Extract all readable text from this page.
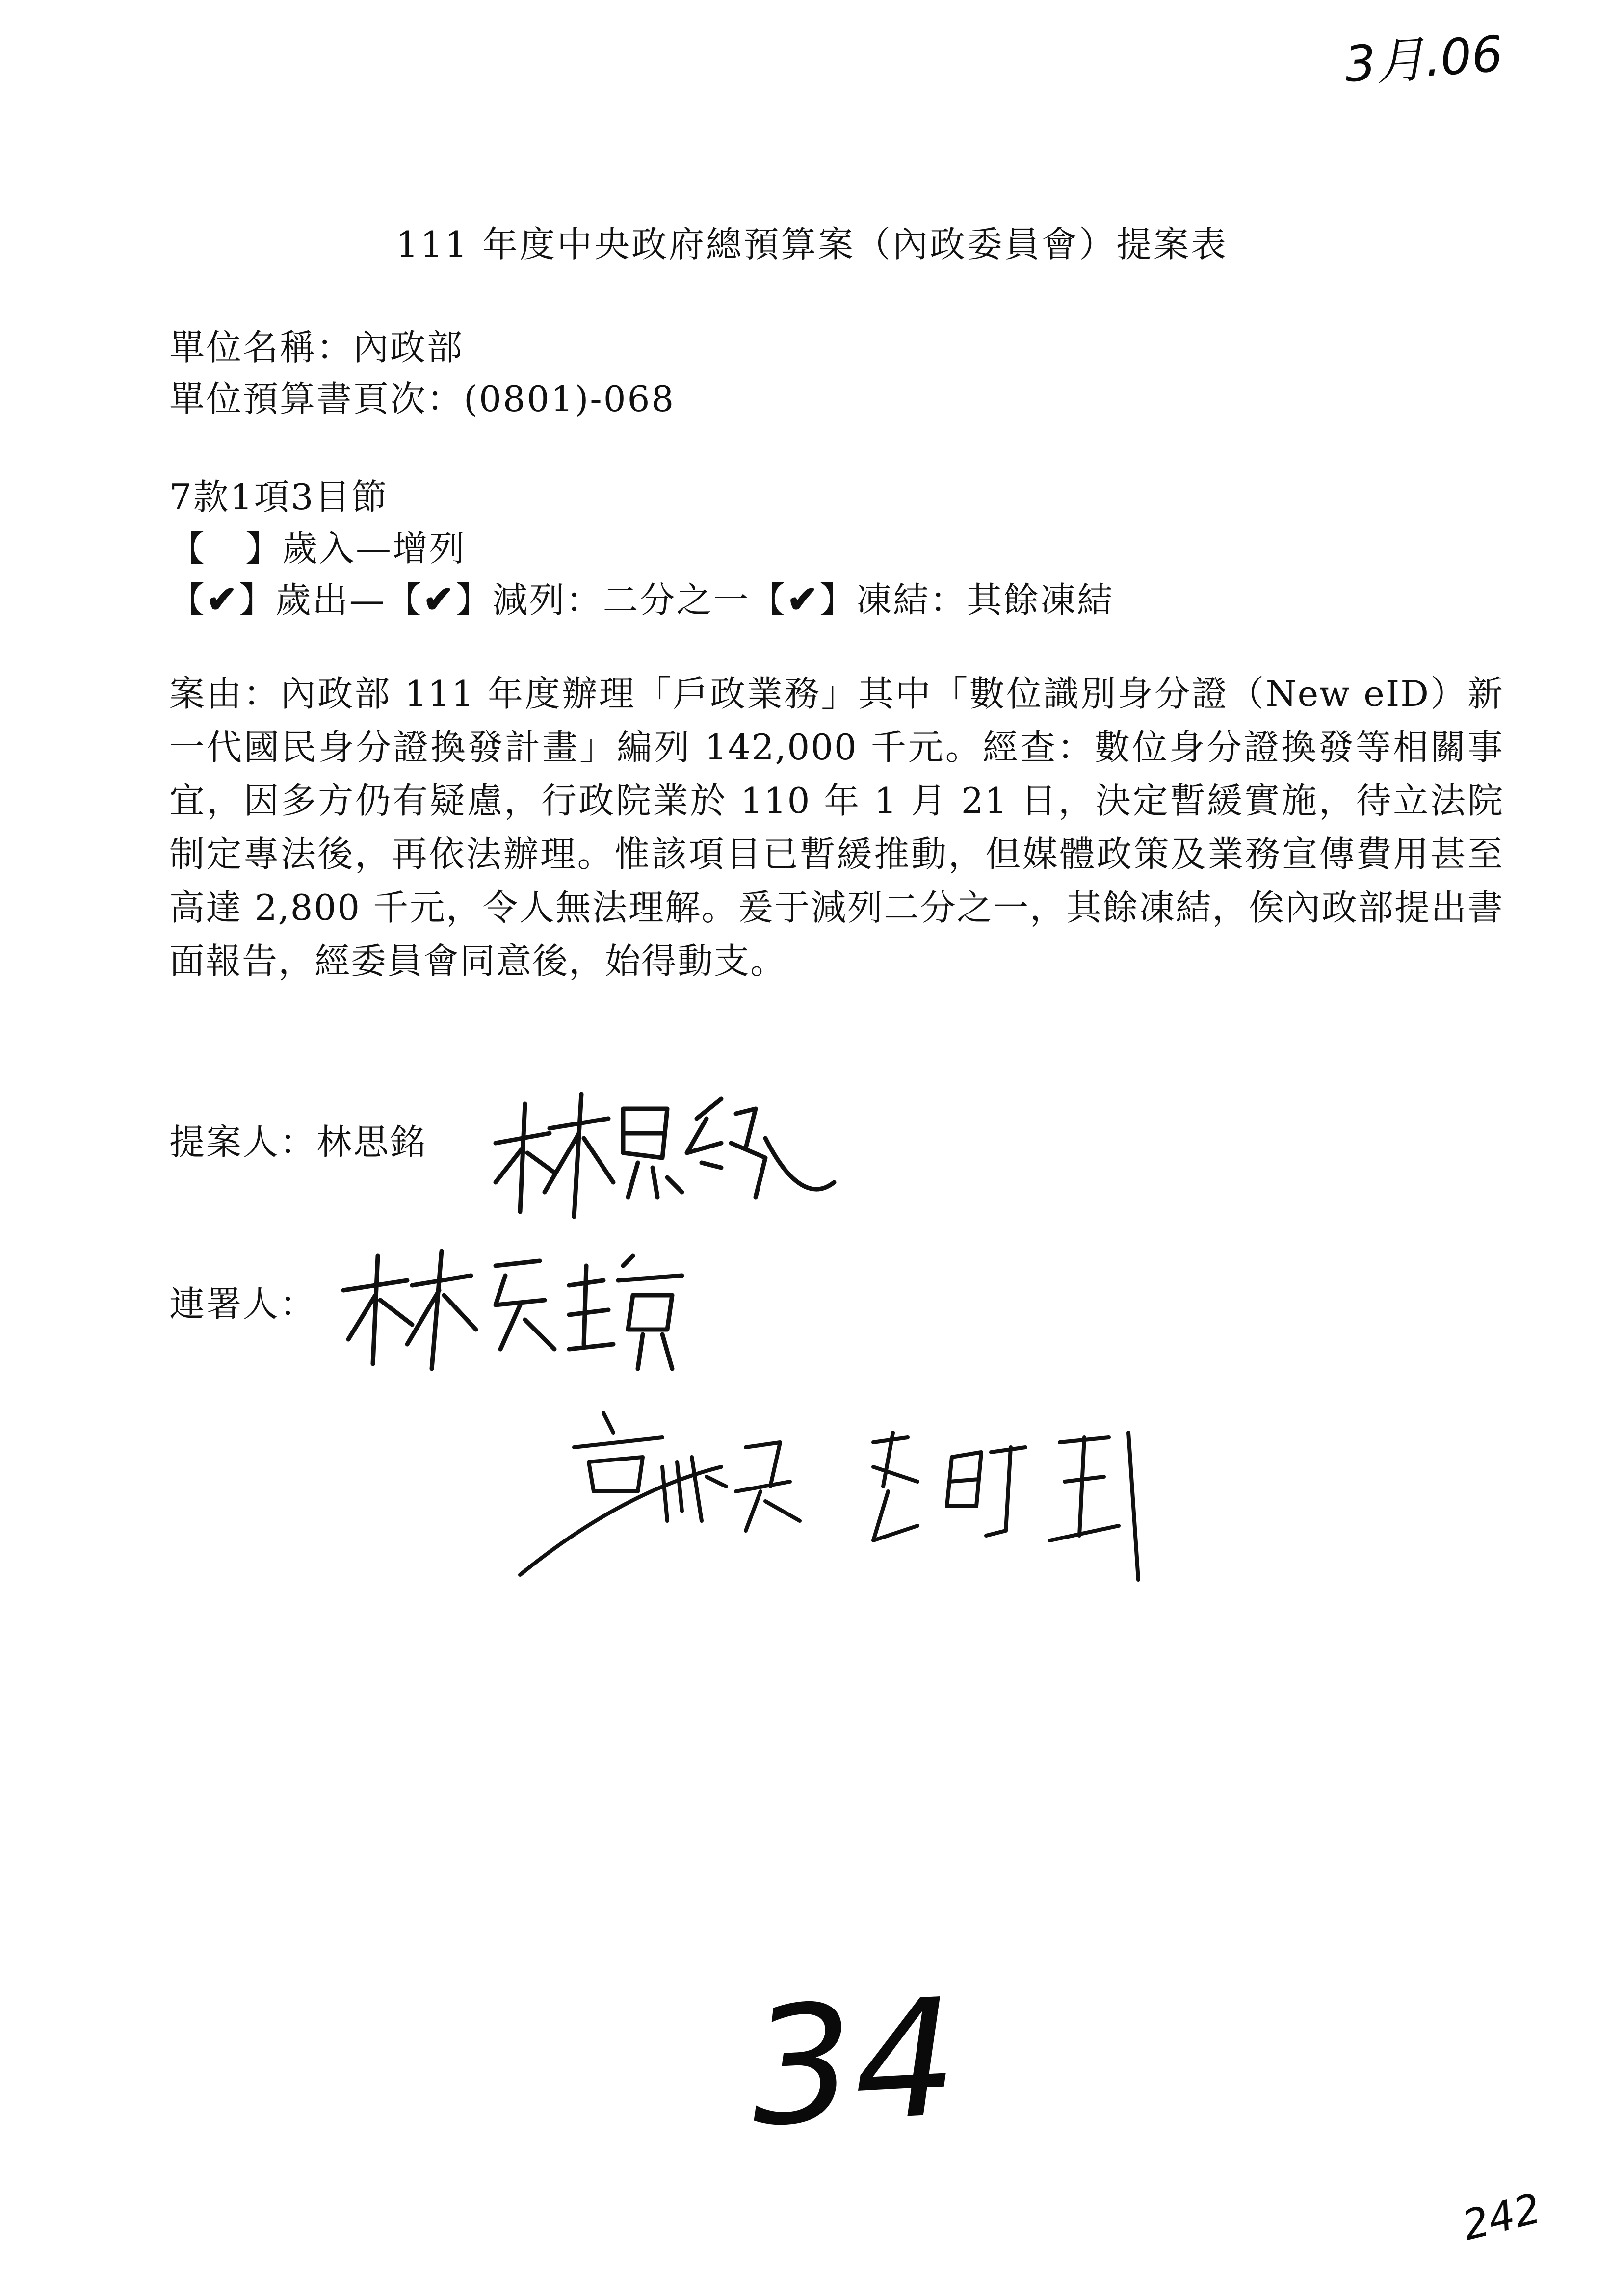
3月.06
111 年度中央政府總預算案（內政委員會）提案表
單位名稱：內政部
單位預算書頁次：(0801)-068
7款1項3目節
【 】歲入—增列
【✔】歲出—【✔】減列：二分之一【✔】凍結：其餘凍結
案由：內政部 111 年度辦理「戶政業務」其中「數位識別身分證（New eID）新一代國民身分證換發計畫」編列 142,000 千元。經查：數位身分證換發等相關事宜，因多方仍有疑慮，行政院業於 110 年 1 月 21 日，決定暫緩實施，待立法院制定專法後，再依法辦理。惟該項目已暫緩推動，但媒體政策及業務宣傳費用甚至高達 2,800 千元，令人無法理解。爰于減列二分之一，其餘凍結，俟內政部提出書面報告，經委員會同意後，始得動支。
提案人：林思銘
連署人：
34
242
